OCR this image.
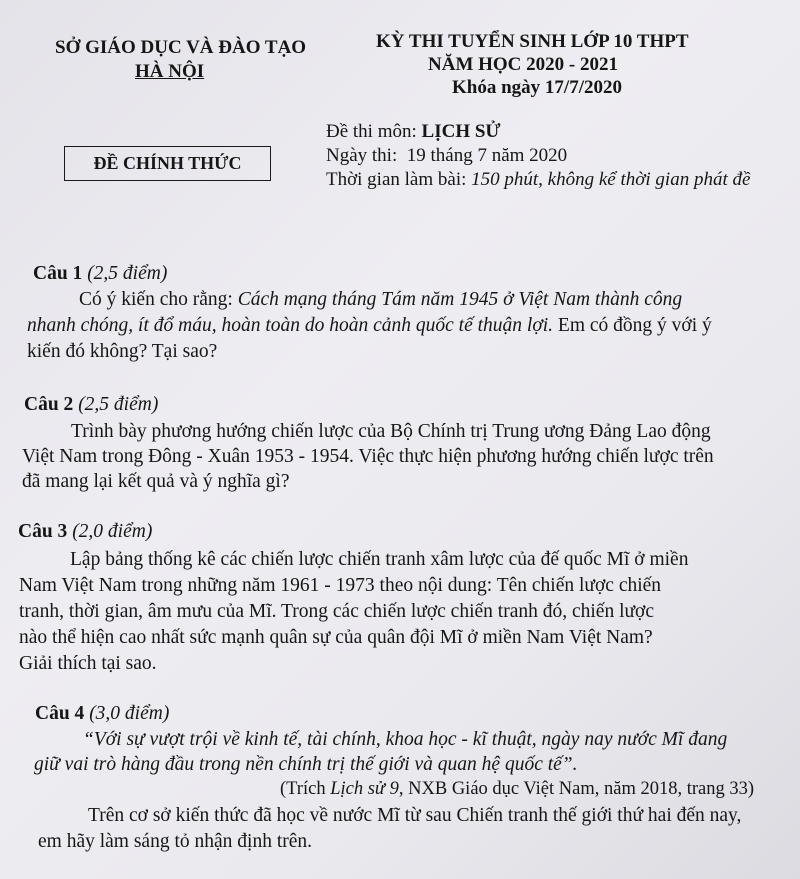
SỞ GIÁO DỤC VÀ ĐÀO TẠO
HÀ NỘI
KỲ THI TUYỂN SINH LỚP 10 THPT
NĂM HỌC 2020 - 2021
Khóa ngày 17/7/2020
ĐỀ CHÍNH THỨC
Đề thi môn: LỊCH SỬ
Ngày thi:  19 tháng 7 năm 2020
Thời gian làm bài: 150 phút, không kể thời gian phát đề
Câu 1 (2,5 điểm)
Có ý kiến cho rằng: Cách mạng tháng Tám năm 1945 ở Việt Nam thành công
nhanh chóng, ít đổ máu, hoàn toàn do hoàn cảnh quốc tế thuận lợi. Em có đồng ý với ý
kiến đó không? Tại sao?
Câu 2 (2,5 điểm)
Trình bày phương hướng chiến lược của Bộ Chính trị Trung ương Đảng Lao động
Việt Nam trong Đông - Xuân 1953 - 1954. Việc thực hiện phương hướng chiến lược trên
đã mang lại kết quả và ý nghĩa gì?
Câu 3 (2,0 điểm)
Lập bảng thống kê các chiến lược chiến tranh xâm lược của đế quốc Mĩ ở miền
Nam Việt Nam trong những năm 1961 - 1973 theo nội dung: Tên chiến lược chiến
tranh, thời gian, âm mưu của Mĩ. Trong các chiến lược chiến tranh đó, chiến lược
nào thể hiện cao nhất sức mạnh quân sự của quân đội Mĩ ở miền Nam Việt Nam?
Giải thích tại sao.
Câu 4 (3,0 điểm)
“Với sự vượt trội về kinh tế, tài chính, khoa học - kĩ thuật, ngày nay nước Mĩ đang
giữ vai trò hàng đầu trong nền chính trị thế giới và quan hệ quốc tế”.
(Trích Lịch sử 9, NXB Giáo dục Việt Nam, năm 2018, trang 33)
Trên cơ sở kiến thức đã học về nước Mĩ từ sau Chiến tranh thế giới thứ hai đến nay,
em hãy làm sáng tỏ nhận định trên.
